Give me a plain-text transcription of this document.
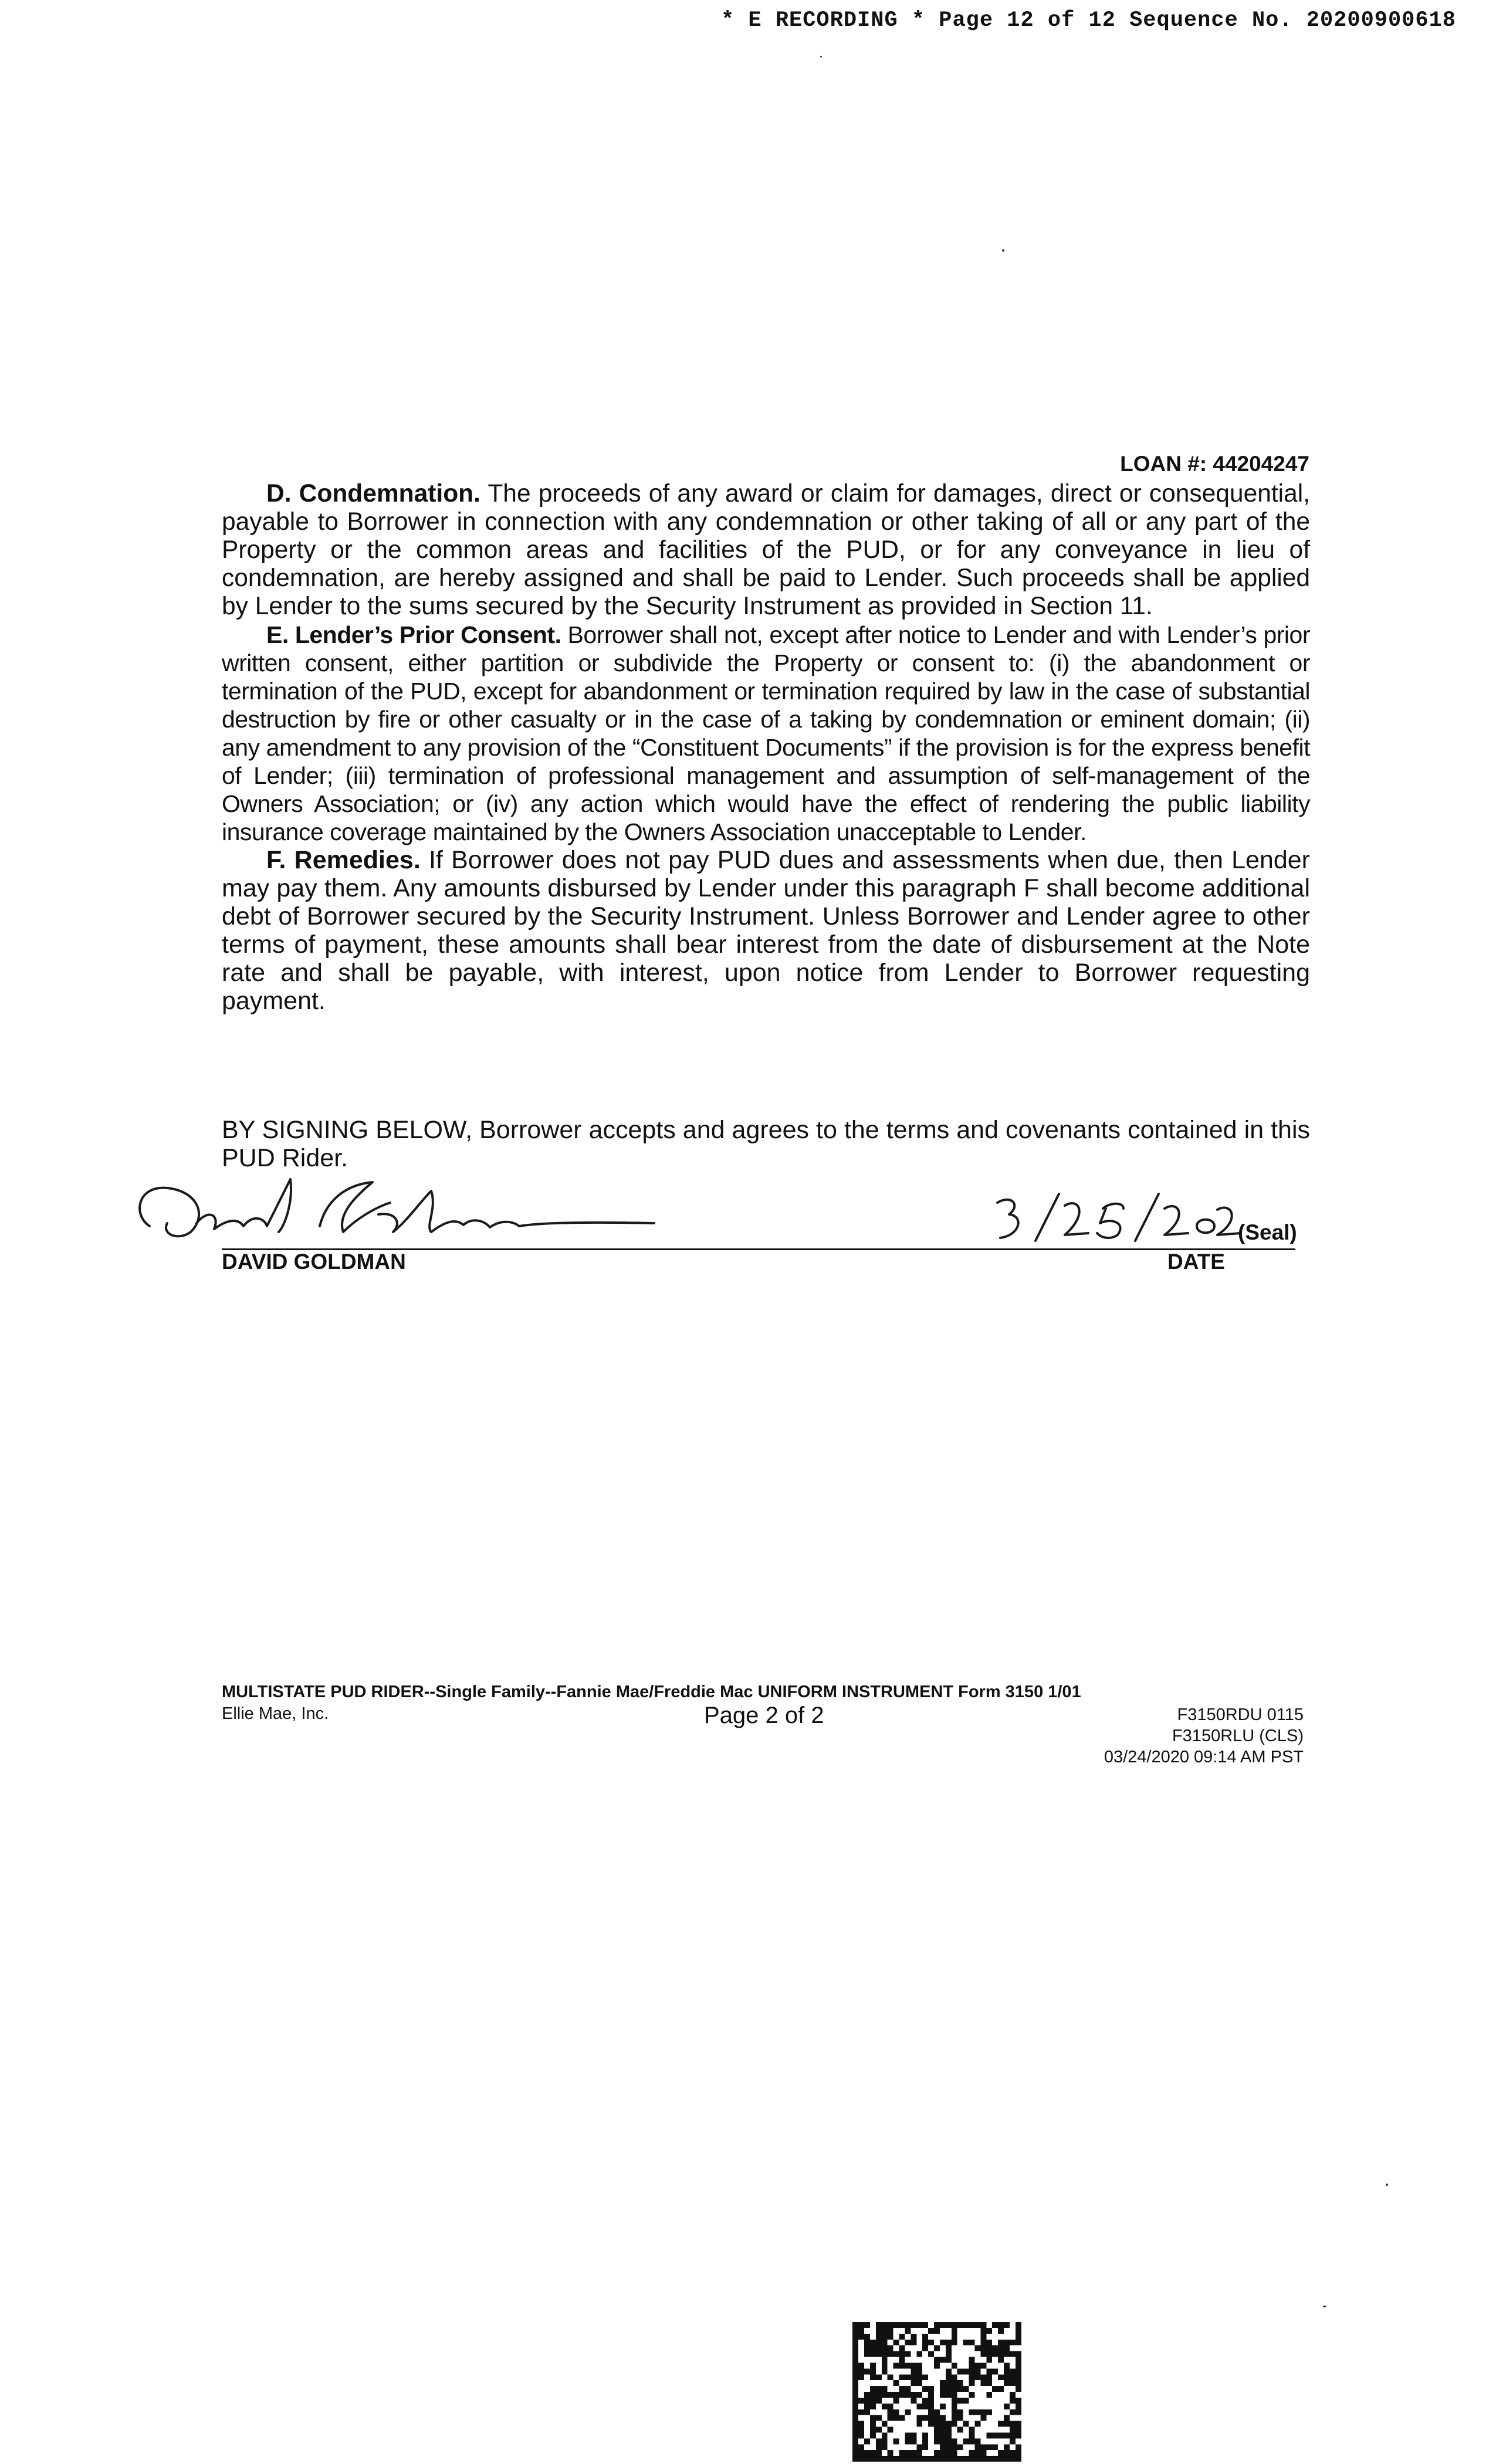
* E RECORDING * Page 12 of 12 Sequence No. 20200900618
LOAN #: 44204247

D. Condemnation. The proceeds of any award or claim for damages, direct or consequential, payable to Borrower in connection with any condemnation or other taking of all or any part of the Property or the common areas and facilities of the PUD, or for any conveyance in lieu of condemnation, are hereby assigned and shall be paid to Lender. Such proceeds shall be applied by Lender to the sums secured by the Security Instrument as provided in Section 11.

E. Lender’s Prior Consent. Borrower shall not, except after notice to Lender and with Lender’s prior written consent, either partition or subdivide the Property or consent to: (i) the abandonment or termination of the PUD, except for abandonment or termination required by law in the case of substantial destruction by fire or other casualty or in the case of a taking by condemnation or eminent domain; (ii) any amendment to any provision of the “Constituent Documents” if the provision is for the express benefit of Lender; (iii) termination of professional management and assumption of self-management of the Owners Association; or (iv) any action which would have the effect of rendering the public liability insurance coverage maintained by the Owners Association unacceptable to Lender.

F. Remedies. If Borrower does not pay PUD dues and assessments when due, then Lender may pay them. Any amounts disbursed by Lender under this paragraph F shall become additional debt of Borrower secured by the Security Instrument. Unless Borrower and Lender agree to other terms of payment, these amounts shall bear interest from the date of disbursement at the Note rate and shall be payable, with interest, upon notice from Lender to Borrower requesting payment.

BY SIGNING BELOW, Borrower accepts and agrees to the terms and covenants contained in this PUD Rider.

(Seal)
DAVID GOLDMAN	DATE
MULTISTATE PUD RIDER--Single Family--Fannie Mae/Freddie Mac UNIFORM INSTRUMENT Form 3150 1/01
Ellie Mae, Inc.	Page 2 of 2	F3150RDU 0115
F3150RLU (CLS)
03/24/2020 09:14 AM PST
